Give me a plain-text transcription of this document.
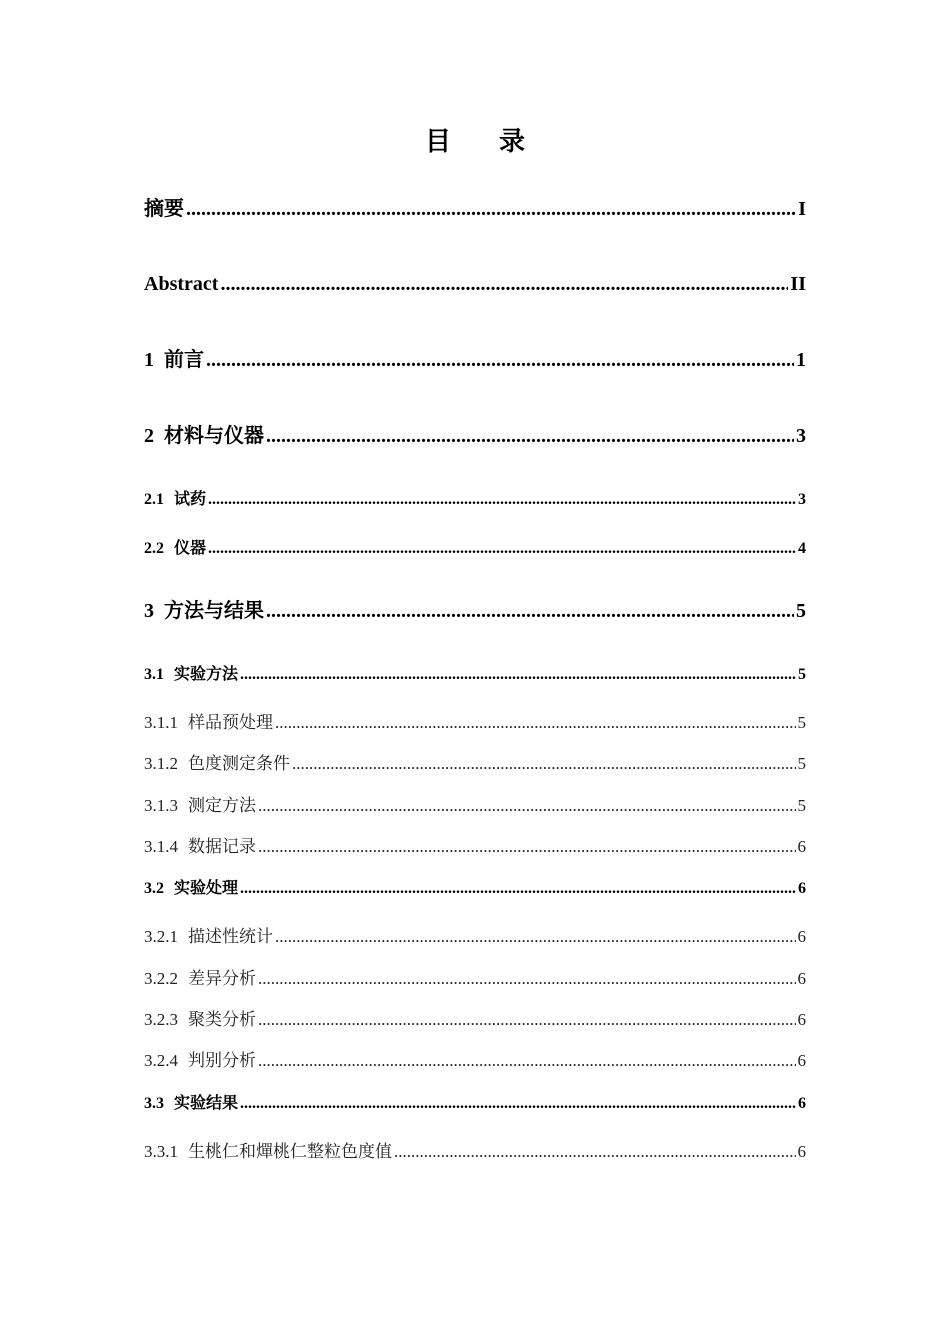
目 录
摘要 .....	I
Abstract .....	II
1 前言 .....	1
2 材料与仪器 .....	3
2.1 试药 .....	3
2.2 仪器 .....	4
3 方法与结果 .....	5
3.1 实验方法 .....	5
3.1.1 样品预处理 .....	5
3.1.2 色度测定条件 .....	5
3.1.3 测定方法 .....	5
3.1.4 数据记录 .....	6
3.2 实验处理 .....	6
3.2.1 描述性统计 .....	6
3.2.2 差异分析 .....	6
3.2.3 聚类分析 .....	6
3.2.4 判别分析 .....	6
3.3 实验结果 .....	6
3.3.1 生桃仁和燀桃仁整粒色度值 .....	6
